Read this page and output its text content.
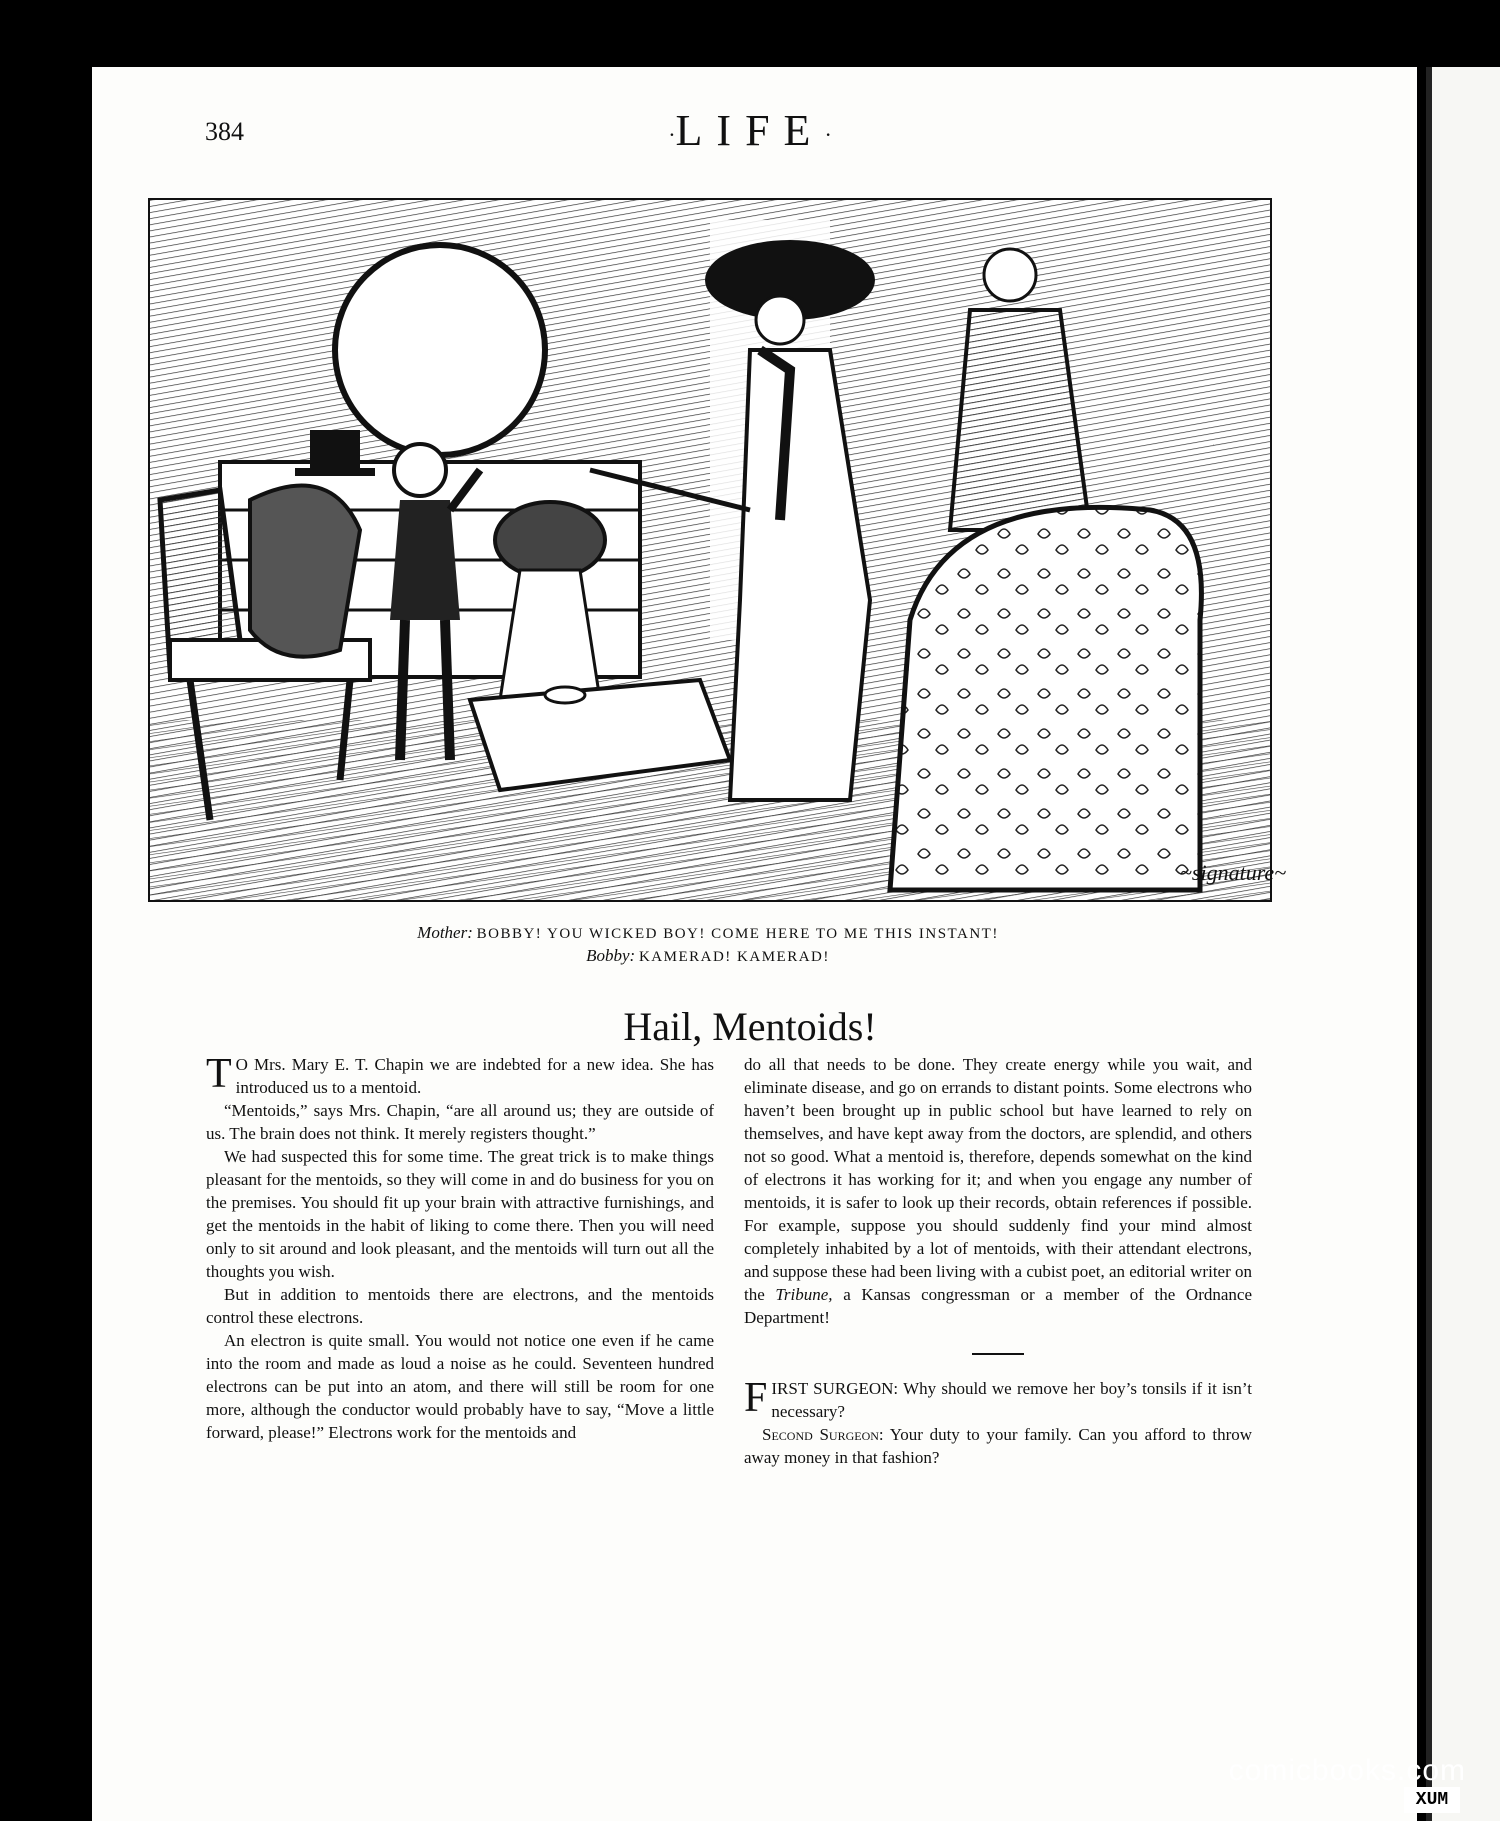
384	·LIFE·
~signature~
Mother: BOBBY! YOU WICKED BOY! COME HERE TO ME THIS INSTANT!
Bobby: KAMERAD! KAMERAD!
Hail, Mentoids!

T O Mrs. Mary E. T. Chapin we are indebted for a new idea. She has introduced us to a mentoid.

“Mentoids,” says Mrs. Chapin, “are all around us; they are outside of us. The brain does not think. It merely registers thought.”

We had suspected this for some time. The great trick is to make things pleasant for the mentoids, so they will come in and do business for you on the premises. You should fit up your brain with attractive furnishings, and get the mentoids in the habit of liking to come there. Then you will need only to sit around and look pleasant, and the mentoids will turn out all the thoughts you wish.

But in addition to mentoids there are electrons, and the mentoids control these electrons.

An electron is quite small. You would not notice one even if he came into the room and made as loud a noise as he could. Seventeen hundred electrons can be put into an atom, and there will still be room for one more, although the conductor would probably have to say, “Move a little forward, please!” Electrons work for the mentoids and

do all that needs to be done. They create energy while you wait, and eliminate disease, and go on errands to distant points. Some electrons who haven’t been brought up in public school but have learned to rely on themselves, and have kept away from the doctors, are splendid, and others not so good. What a mentoid is, therefore, depends somewhat on the kind of electrons it has working for it; and when you engage any number of mentoids, it is safer to look up their records, obtain references if possible. For example, suppose you should suddenly find your mind almost completely inhabited by a lot of mentoids, with their attendant electrons, and suppose these had been living with a cubist poet, an editorial writer on the Tribune, a Kansas congressman or a member of the Ordnance Department!

FIRST SURGEON: Why should we remove her boy’s tonsils if it isn’t necessary?

Second Surgeon: Your duty to your family. Can you afford to throw away money in that fashion?

comicbooks.com
XUM
